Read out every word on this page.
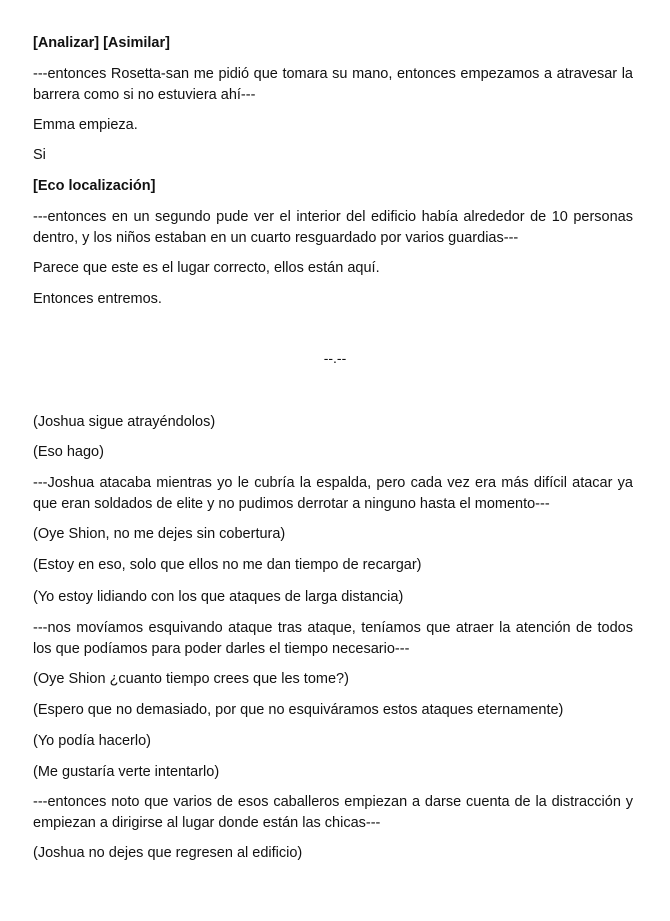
[Analizar] [Asimilar]

---entonces Rosetta-san me pidió que tomara su mano, entonces empezamos a atravesar la barrera como si no estuviera ahí---

Emma empieza.

Si

[Eco localización]

---entonces en un segundo pude ver el interior del edificio había alrededor de 10 personas dentro, y los niños estaban en un cuarto resguardado por varios guardias---

Parece que este es el lugar correcto, ellos están aquí.

Entonces entremos.

--.--

(Joshua sigue atrayéndolos)

(Eso hago)

---Joshua atacaba mientras yo le cubría la espalda, pero cada vez era más difícil atacar ya que eran soldados de elite y no pudimos derrotar a ninguno hasta el momento---

(Oye Shion, no me dejes sin cobertura)

(Estoy en eso, solo que ellos no me dan tiempo de recargar)

(Yo estoy lidiando con los que ataques de larga distancia)

---nos movíamos esquivando ataque tras ataque, teníamos que atraer la atención de todos los que podíamos para poder darles el tiempo necesario---

(Oye Shion ¿cuanto tiempo crees que les tome?)

(Espero que no demasiado, por que no esquiváramos estos ataques eternamente)

(Yo podía hacerlo)

(Me gustaría verte intentarlo)

---entonces noto que varios de esos caballeros empiezan a darse cuenta de la distracción y empiezan a dirigirse al lugar donde están las chicas---

(Joshua no dejes que regresen al edificio)
